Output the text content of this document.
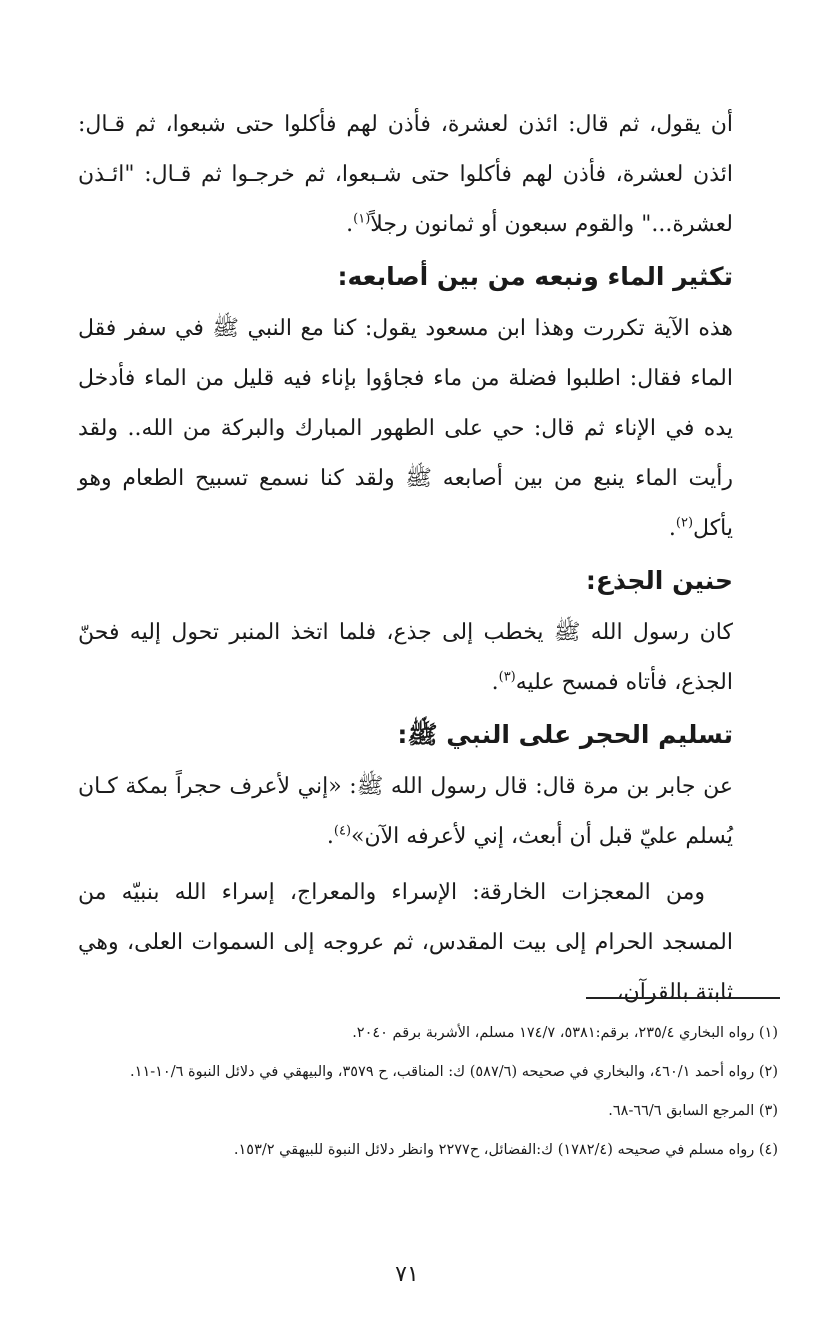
أن يقول، ثم قال: ائذن لعشرة، فأذن لهم فأكلوا حتى شبعوا، ثم قـال: ائذن لعشرة، فأذن لهم فأكلوا حتى شـبعوا، ثم خرجـوا ثم قـال: "ائـذن لعشرة..." والقوم سبعون أو ثمانون رجلاً$^{(١)}$.

تكثير الماء ونبعه من بين أصابعه:

هذه الآية تكررت وهذا ابن مسعود يقول: كنا مع النبي ﷺ في سفر فقل الماء فقال: اطلبوا فضلة من ماء فجاؤوا بإناء فيه قليل من الماء فأدخل يده في الإناء ثم قال: حي على الطهور المبارك والبركة من الله.. ولقد رأيت الماء ينبع من بين أصابعه ﷺ ولقد كنا نسمع تسبيح الطعام وهو يأكل$^{(٢)}$.

حنين الجذع:

كان رسول الله ﷺ يخطب إلى جذع، فلما اتخذ المنبر تحول إليه فحنّ الجذع، فأتاه فمسح عليه$^{(٣)}$.

تسليم الحجر على النبي ﷺ:

عن جابر بن مرة قال: قال رسول الله ﷺ: «إني لأعرف حجراً بمكة كـان يُسلم عليّ قبل أن أبعث، إني لأعرفه الآن»$^{(٤)}$.

ومن المعجزات الخارقة: الإسراء والمعراج، إسراء الله بنبيّه من المسجد الحرام إلى بيت المقدس، ثم عروجه إلى السموات العلى، وهي ثابتة بالقرآن،

(١) رواه البخاري ٢٣٥/٤، برقم:٥٣٨١، ١٧٤/٧ مسلم، الأشربة برقم ٢٠٤٠.

(٢) رواه أحمد ٤٦٠/١، والبخاري في صحيحه (٥٨٧/٦) ك: المناقب، ح ٣٥٧٩، والبيهقي في دلائل النبوة ١٠/٦-١١.

(٣) المرجع السابق ٦٦/٦-٦٨.

(٤) رواه مسلم في صحيحه (١٧٨٢/٤) ك:الفضائل، ح٢٢٧٧ وانظر دلائل النبوة للبيهقي ١٥٣/٢.

٧١
